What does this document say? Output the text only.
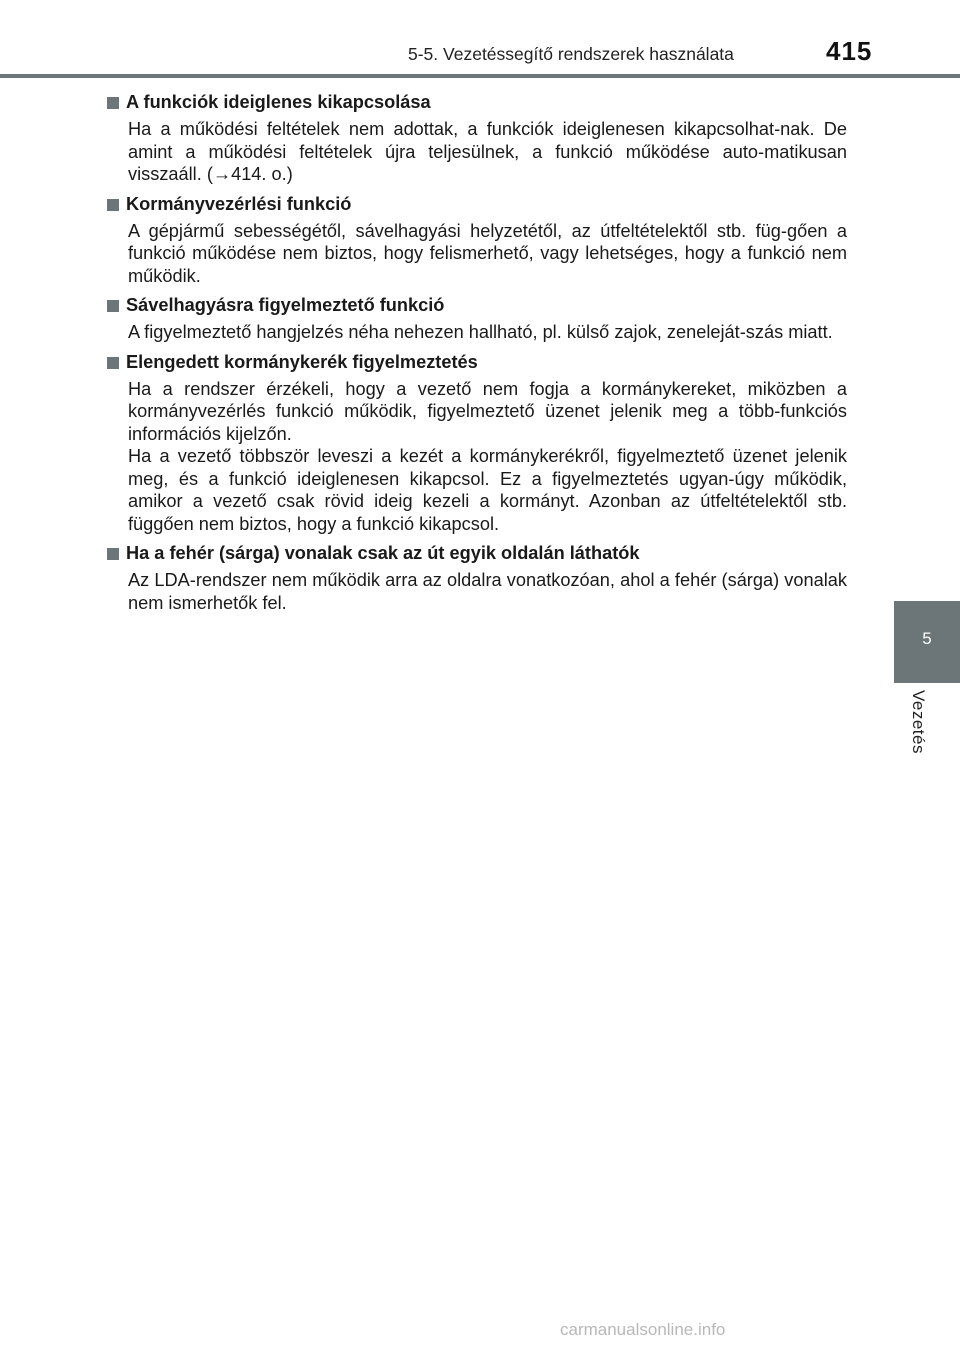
5-5. Vezetéssegítő rendszerek használata	415
5
Vezetés
A funkciók ideiglenes kikapcsolása

Ha a működési feltételek nem adottak, a funkciók ideiglenesen kikapcsolhat-nak. De amint a működési feltételek újra teljesülnek, a funkció működése auto-matikusan visszaáll. (→414. o.)

Kormányvezérlési funkció

A gépjármű sebességétől, sávelhagyási helyzetétől, az útfeltételektől stb. füg-gően a funkció működése nem biztos, hogy felismerhető, vagy lehetséges, hogy a funkció nem működik.

Sávelhagyásra figyelmeztető funkció

A figyelmeztető hangjelzés néha nehezen hallható, pl. külső zajok, zeneleját-szás miatt.

Elengedett kormánykerék figyelmeztetés

Ha a rendszer érzékeli, hogy a vezető nem fogja a kormánykereket, miközben a kormányvezérlés funkció működik, figyelmeztető üzenet jelenik meg a több-funkciós információs kijelzőn.
Ha a vezető többször leveszi a kezét a kormánykerékről, figyelmeztető üzenet jelenik meg, és a funkció ideiglenesen kikapcsol. Ez a figyelmeztetés ugyan-úgy működik, amikor a vezető csak rövid ideig kezeli a kormányt. Azonban az útfeltételektől stb. függően nem biztos, hogy a funkció kikapcsol.

Ha a fehér (sárga) vonalak csak az út egyik oldalán láthatók

Az LDA-rendszer nem működik arra az oldalra vonatkozóan, ahol a fehér (sárga) vonalak nem ismerhetők fel.

carmanualsonline.info
